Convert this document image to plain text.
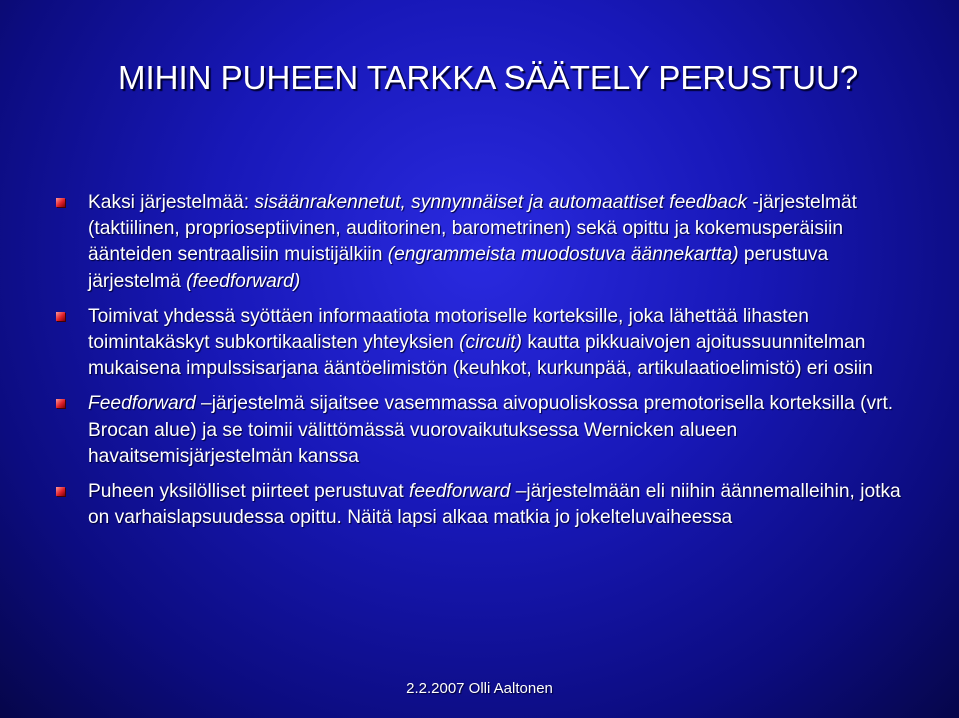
MIHIN PUHEEN TARKKA SÄÄTELY PERUSTUU?

Kaksi järjestelmää: sisäänrakennetut, synnynnäiset ja automaattiset feedback -järjestelmät (taktiilinen, proprioseptiivinen, auditorinen, barometrinen) sekä opittu ja kokemusperäisiin äänteiden sentraalisiin muistijälkiin (engrammeista muodostuva äännekartta) perustuva järjestelmä (feedforward)

Toimivat yhdessä syöttäen informaatiota motoriselle korteksille, joka lähettää lihasten toimintakäskyt subkortikaalisten yhteyksien (circuit) kautta pikkuaivojen ajoitussuunnitelman mukaisena impulssisarjana ääntöelimistön (keuhkot, kurkunpää, artikulaatioelimistö) eri osiin

Feedforward –järjestelmä sijaitsee vasemmassa aivopuoliskossa premotorisella korteksilla (vrt. Brocan alue) ja se toimii välittömässä vuorovaikutuksessa Wernicken alueen havaitsemisjärjestelmän kanssa

Puheen yksilölliset piirteet perustuvat feedforward –järjestelmään eli niihin äännemalleihin, jotka on varhaislapsuudessa opittu. Näitä lapsi alkaa matkia jo jokelteluvaiheessa

2.2.2007 Olli Aaltonen
